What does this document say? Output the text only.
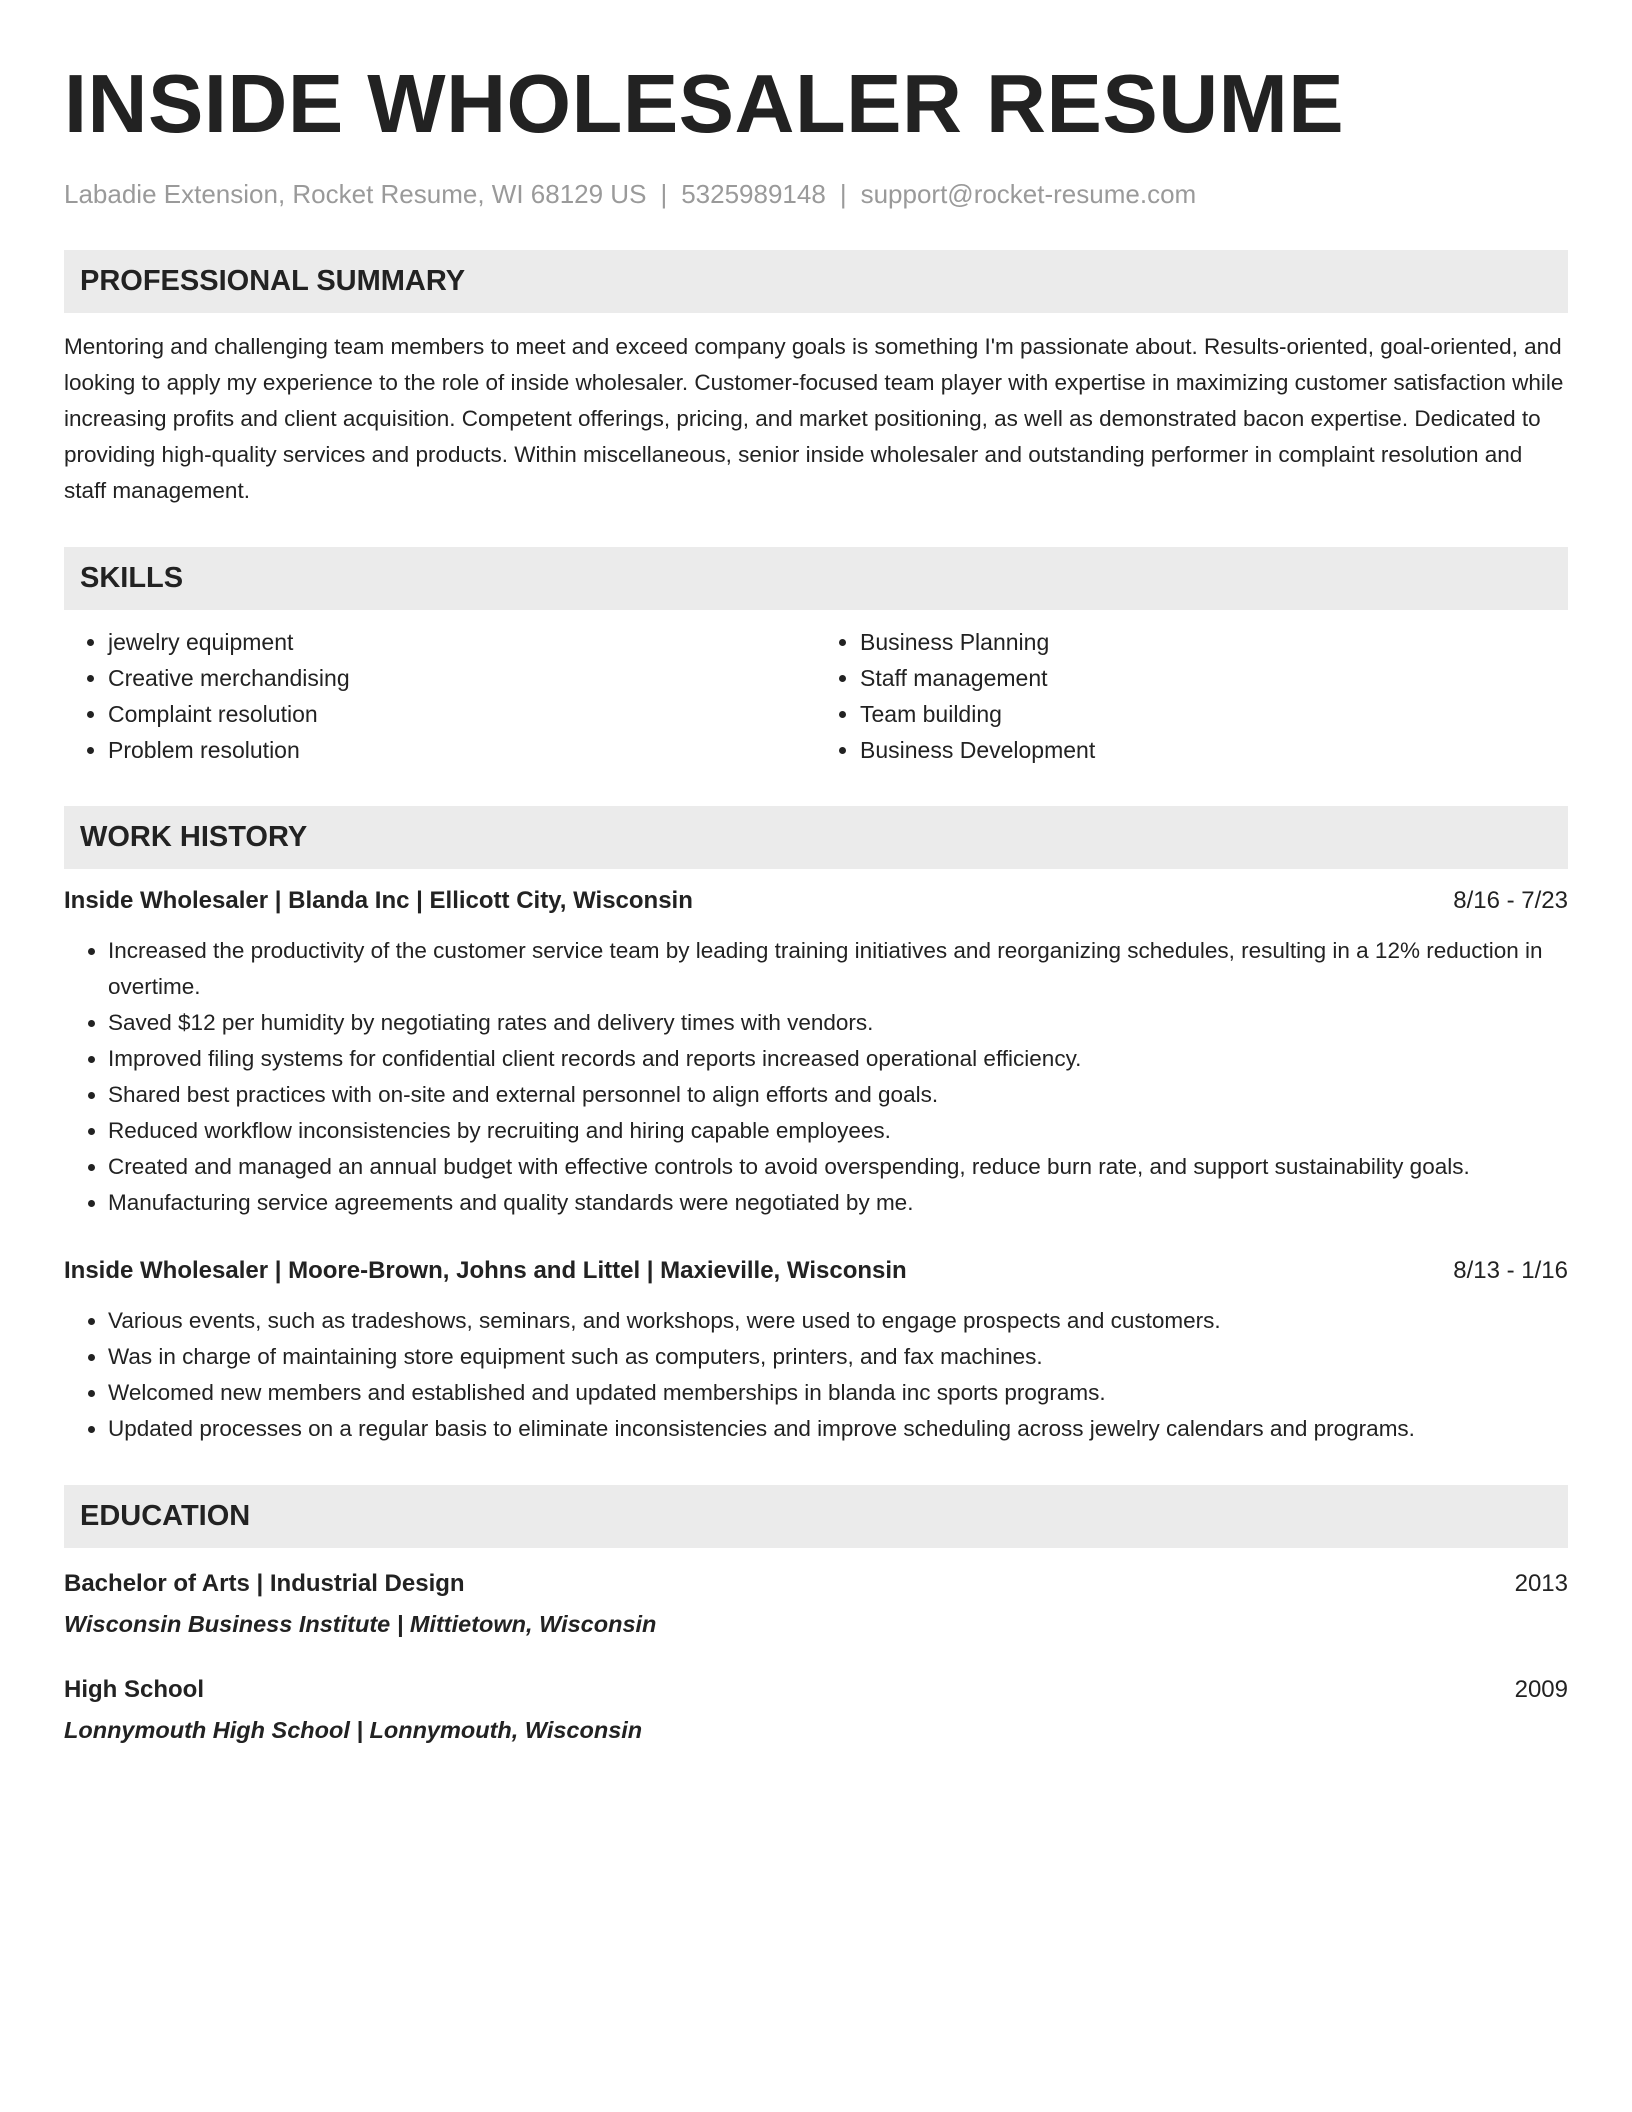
INSIDE WHOLESALER RESUME
Labadie Extension, Rocket Resume, WI 68129 US | 5325989148 | support@rocket-resume.com
PROFESSIONAL SUMMARY
Mentoring and challenging team members to meet and exceed company goals is something I'm passionate about. Results-oriented, goal-oriented, and looking to apply my experience to the role of inside wholesaler. Customer-focused team player with expertise in maximizing customer satisfaction while increasing profits and client acquisition. Competent offerings, pricing, and market positioning, as well as demonstrated bacon expertise. Dedicated to providing high-quality services and products. Within miscellaneous, senior inside wholesaler and outstanding performer in complaint resolution and staff management.
SKILLS
• jewelry equipment
• Creative merchandising
• Complaint resolution
• Problem resolution
• Business Planning
• Staff management
• Team building
• Business Development
WORK HISTORY
Inside Wholesaler | Blanda Inc | Ellicott City, Wisconsin	8/16 - 7/23
• Increased the productivity of the customer service team by leading training initiatives and reorganizing schedules, resulting in a 12% reduction in overtime.
• Saved $12 per humidity by negotiating rates and delivery times with vendors.
• Improved filing systems for confidential client records and reports increased operational efficiency.
• Shared best practices with on-site and external personnel to align efforts and goals.
• Reduced workflow inconsistencies by recruiting and hiring capable employees.
• Created and managed an annual budget with effective controls to avoid overspending, reduce burn rate, and support sustainability goals.
• Manufacturing service agreements and quality standards were negotiated by me.
Inside Wholesaler | Moore-Brown, Johns and Littel | Maxieville, Wisconsin	8/13 - 1/16
• Various events, such as tradeshows, seminars, and workshops, were used to engage prospects and customers.
• Was in charge of maintaining store equipment such as computers, printers, and fax machines.
• Welcomed new members and established and updated memberships in blanda inc sports programs.
• Updated processes on a regular basis to eliminate inconsistencies and improve scheduling across jewelry calendars and programs.
EDUCATION
Bachelor of Arts | Industrial Design	2013
Wisconsin Business Institute | Mittietown, Wisconsin
High School	2009
Lonnymouth High School | Lonnymouth, Wisconsin
